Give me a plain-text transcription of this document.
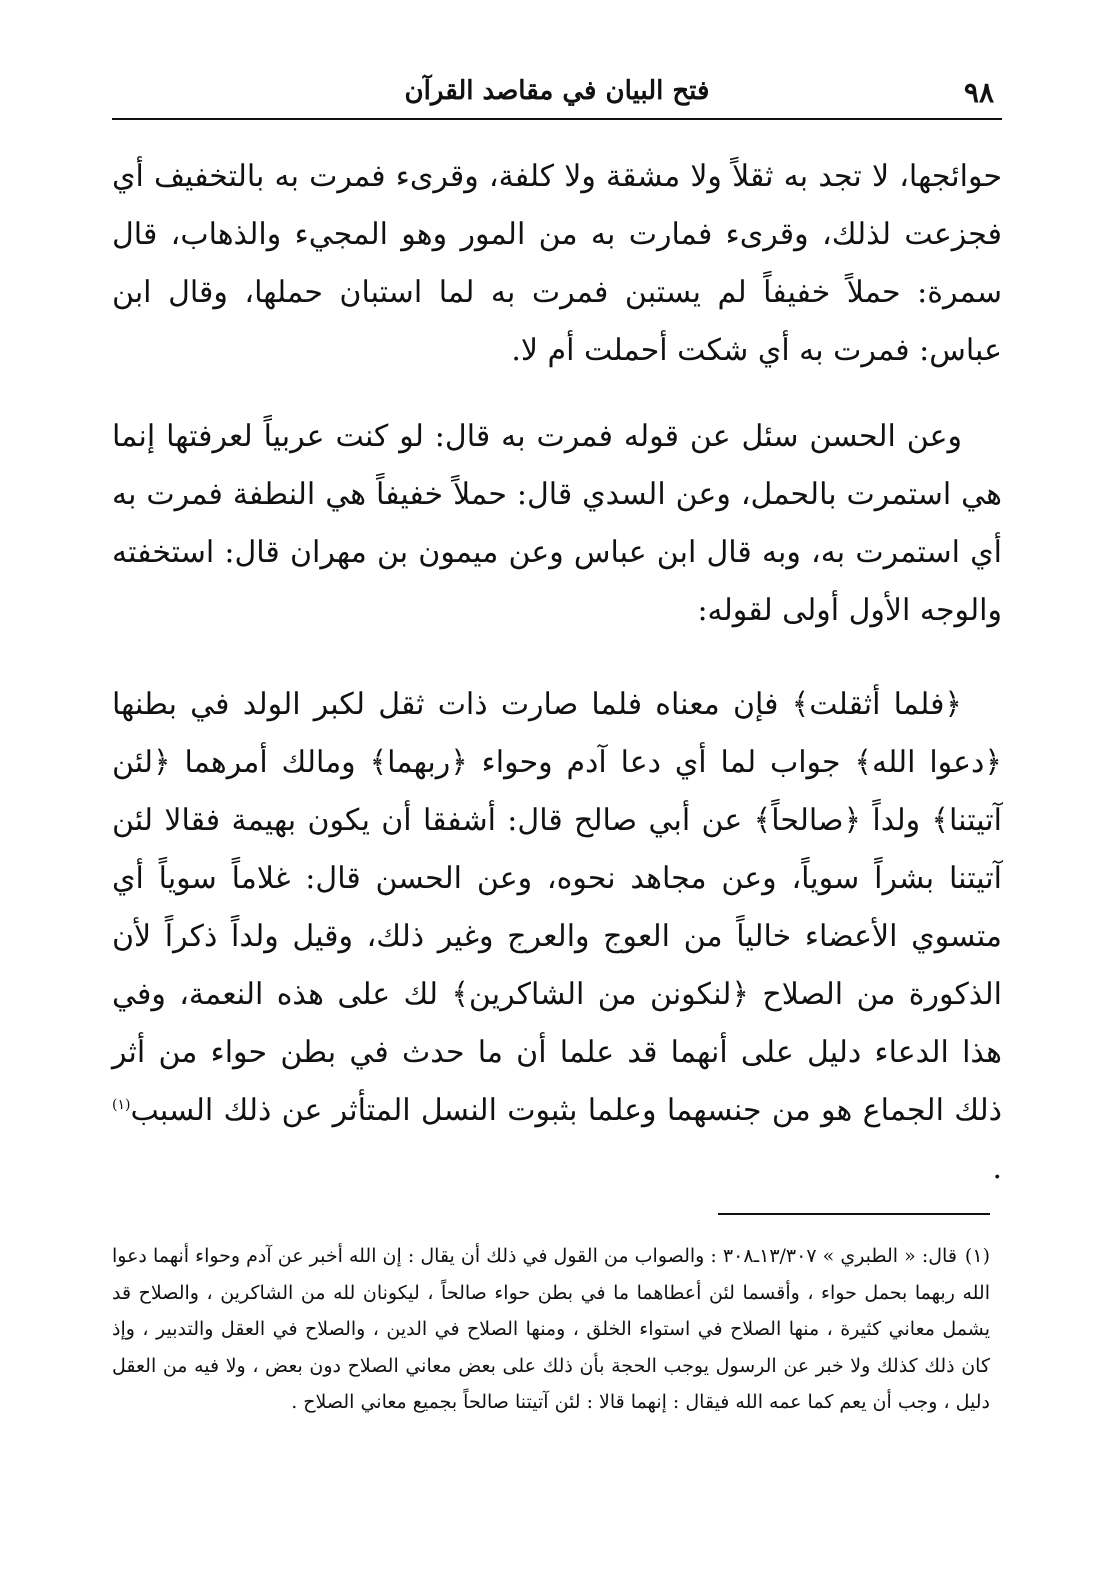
٩٨
فتح البيان في مقاصد القرآن

حوائجها، لا تجد به ثقلاً ولا مشقة ولا كلفة، وقرىء فمرت به بالتخفيف أي فجزعت لذلك، وقرىء فمارت به من المور وهو المجيء والذهاب، قال سمرة: حملاً خفيفاً لم يستبن فمرت به لما استبان حملها، وقال ابن عباس: فمرت به أي شكت أحملت أم لا.

وعن الحسن سئل عن قوله فمرت به قال: لو كنت عربياً لعرفتها إنما هي استمرت بالحمل، وعن السدي قال: حملاً خفيفاً هي النطفة فمرت به أي استمرت به، وبه قال ابن عباس وعن ميمون بن مهران قال: استخفته والوجه الأول أولى لقوله:

﴿فلما أثقلت﴾ فإن معناه فلما صارت ذات ثقل لكبر الولد في بطنها ﴿دعوا الله﴾ جواب لما أي دعا آدم وحواء ﴿ربهما﴾ ومالك أمرهما ﴿لئن آتيتنا﴾ ولداً ﴿صالحاً﴾ عن أبي صالح قال: أشفقا أن يكون بهيمة فقالا لئن آتيتنا بشراً سوياً، وعن مجاهد نحوه، وعن الحسن قال: غلاماً سوياً أي متسوي الأعضاء خالياً من العوج والعرج وغير ذلك، وقيل ولداً ذكراً لأن الذكورة من الصلاح ﴿لنكونن من الشاكرين﴾ لك على هذه النعمة، وفي هذا الدعاء دليل على أنهما قد علما أن ما حدث في بطن حواء من أثر ذلك الجماع هو من جنسهما وعلما بثبوت النسل المتأثر عن ذلك السبب$^{(١)}$ .

(١)قال: « الطبري » ١٣/٣٠٧ـ٣٠٨ : والصواب من القول في ذلك أن يقال : إن الله أخبر عن آدم وحواء أنهما دعوا الله ربهما بحمل حواء ، وأقسما لئن أعطاهما ما في بطن حواء صالحاً ، ليكونان لله من الشاكرين ، والصلاح قد يشمل معاني كثيرة ، منها الصلاح في استواء الخلق ، ومنها الصلاح في الدين ، والصلاح في العقل والتدبير ، وإذ كان ذلك كذلك ولا خبر عن الرسول يوجب الحجة بأن ذلك على بعض معاني الصلاح دون بعض ، ولا فيه من العقل دليل ، وجب أن يعم كما عمه الله فيقال : إنهما قالا : لئن آتيتنا صالحاً بجميع معاني الصلاح .
